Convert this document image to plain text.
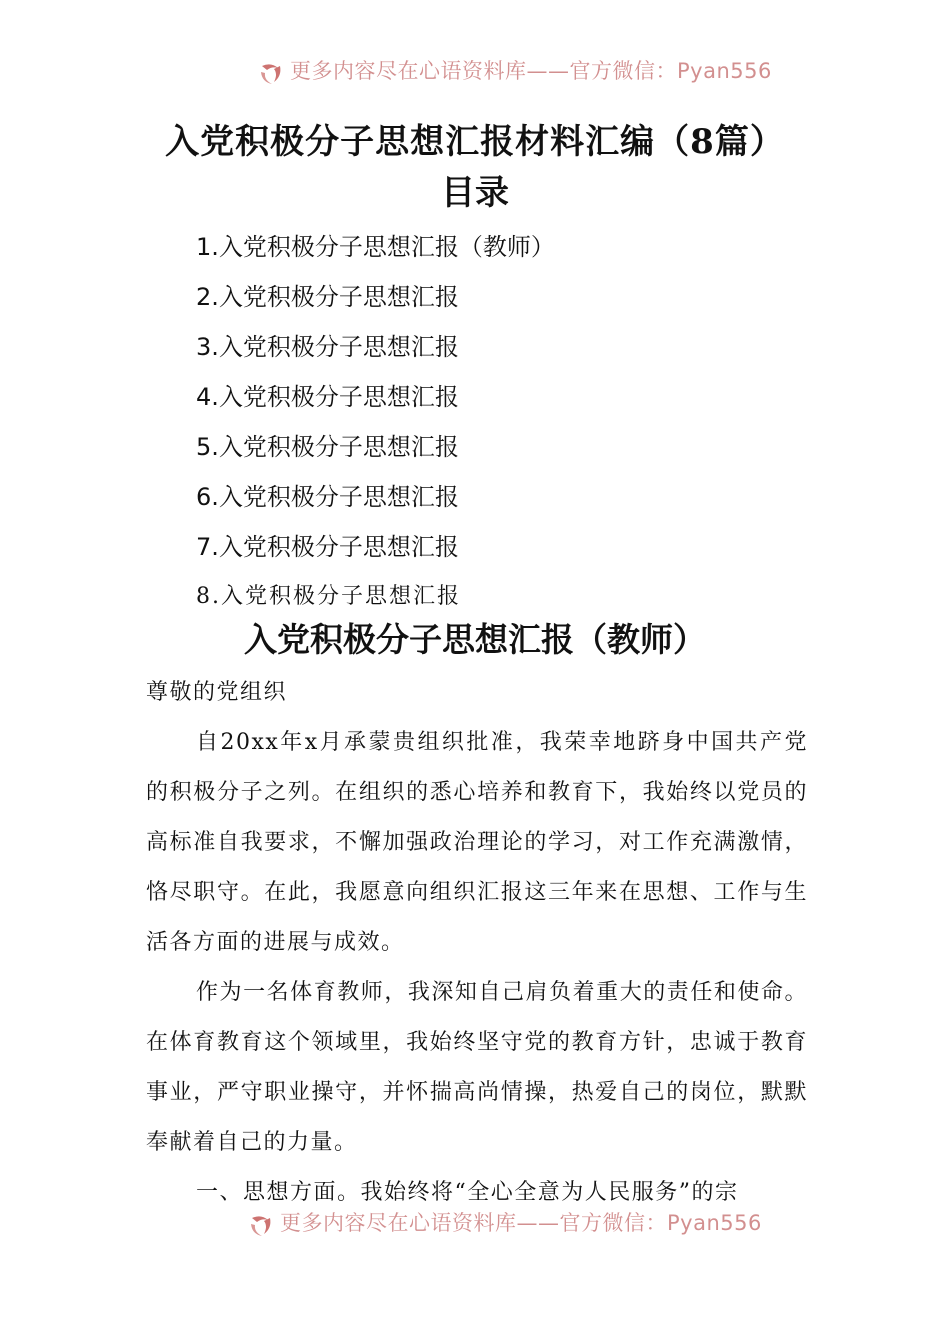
更多内容尽在心语资料库——官方微信：Pyan556
入党积极分子思想汇报材料汇编（8篇）
目录
1.入党积极分子思想汇报（教师）
2.入党积极分子思想汇报
3.入党积极分子思想汇报
4.入党积极分子思想汇报
5.入党积极分子思想汇报
6.入党积极分子思想汇报
7.入党积极分子思想汇报
8.入党积极分子思想汇报
入党积极分子思想汇报（教师）

尊敬的党组织

自20xx年x月承蒙贵组织批准，我荣幸地跻身中国共产党的积极分子之列。在组织的悉心培养和教育下，我始终以党员的高标准自我要求，不懈加强政治理论的学习，对工作充满激情，恪尽职守。在此，我愿意向组织汇报这三年来在思想、工作与生活各方面的进展与成效。

作为一名体育教师，我深知自己肩负着重大的责任和使命。在体育教育这个领域里，我始终坚守党的教育方针，忠诚于教育事业，严守职业操守，并怀揣高尚情操，热爱自己的岗位，默默奉献着自己的力量。

一、思想方面。我始终将“全心全意为人民服务”的宗

更多内容尽在心语资料库——官方微信：Pyan556
